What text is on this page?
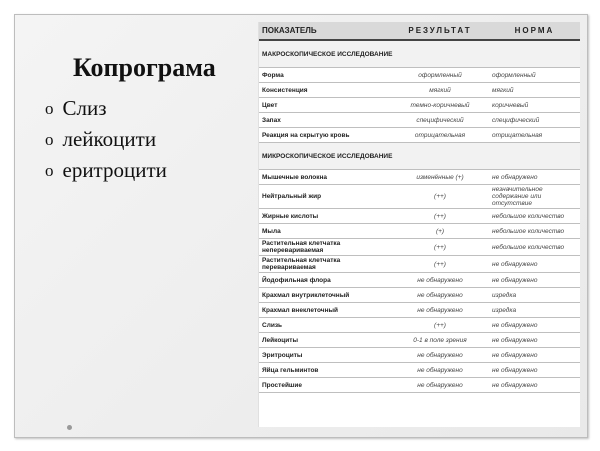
Копрограма
o Слиз
o лейкоцити
o еритроцити
ПОКАЗАТЕЛЬ	РЕЗУЛЬТАТ	НОРМА
МАКРОСКОПИЧЕСКОЕ ИССЛЕДОВАНИЕ		
Форма	оформленный	оформленный
Консистенция	мягкий	мягкий
Цвет	темно-коричневый	коричневый
Запах	специфический	специфический
Реакция на скрытую кровь	отрицательная	отрицательная
МИКРОСКОПИЧЕСКОЕ ИССЛЕДОВАНИЕ		
Мышечные волокна	изменённые (+)	не обнаружено
Нейтральный жир	(++)	незначительное содержание или отсутствие
Жирные кислоты	(++)	небольшое количество
Мыла	(+)	небольшое количество
Растительная клетчатка неперевариваемая	(++)	небольшое количество
Растительная клетчатка перевариваемая	(++)	не обнаружено
Йодофильная флора	не обнаружено	не обнаружено
Крахмал внутриклеточный	не обнаружено	изредка
Крахмал внеклеточный	не обнаружено	изредка
Слизь	(++)	не обнаружено
Лейкоциты	0-1 в поле зрения	не обнаружено
Эритроциты	не обнаружено	не обнаружено
Яйца гельминтов	не обнаружено	не обнаружено
Простейшие	не обнаружено	не обнаружено
